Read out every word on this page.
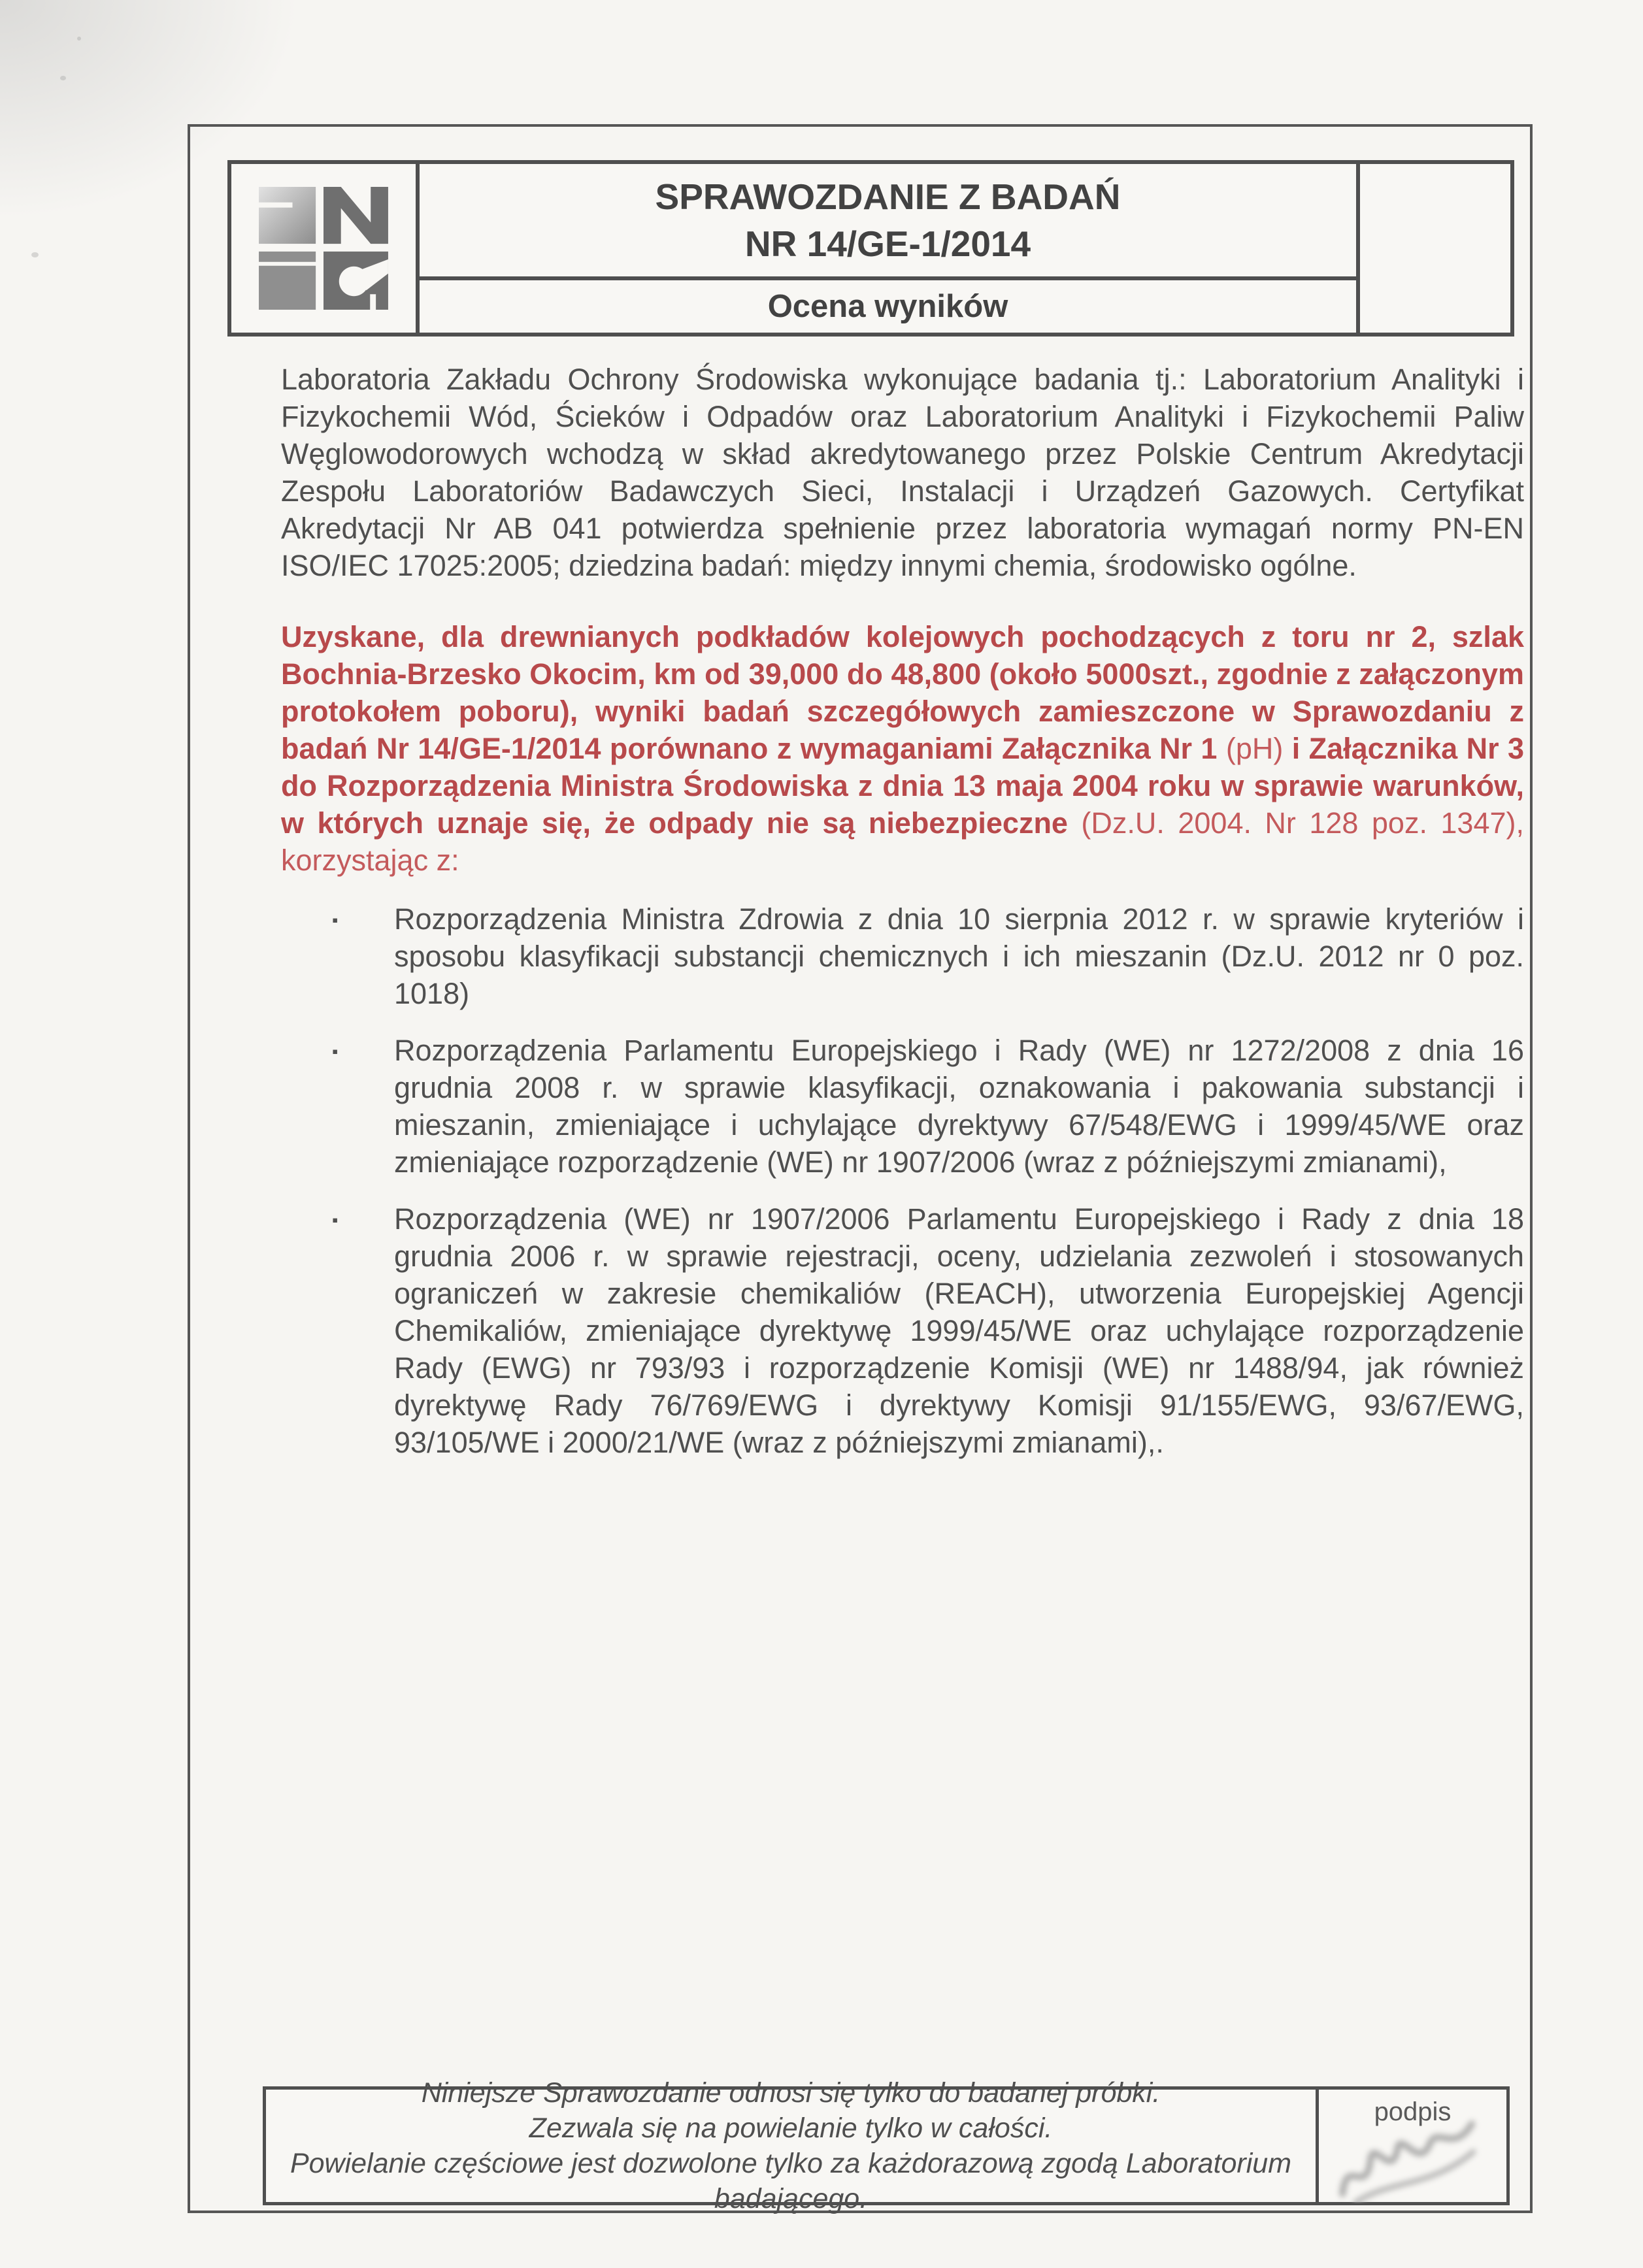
SPRAWOZDANIE Z BADAŃ
NR 14/GE-1/2014
Ocena wyników

Laboratoria Zakładu Ochrony Środowiska wykonujące badania tj.: Laboratorium Analityki i Fizykochemii Wód, Ścieków i Odpadów oraz Laboratorium Analityki i Fizykochemii Paliw Węglowodorowych wchodzą w skład akredytowanego przez Polskie Centrum Akredytacji Zespołu Laboratoriów Badawczych Sieci, Instalacji i Urządzeń Gazowych. Certyfikat Akredytacji Nr AB 041 potwierdza spełnienie przez laboratoria wymagań normy PN-EN ISO/IEC 17025:2005; dziedzina badań: między innymi chemia, środowisko ogólne.

Uzyskane, dla drewnianych podkładów kolejowych pochodzących z toru nr 2, szlak Bochnia-Brzesko Okocim, km od 39,000 do 48,800 (około 5000szt., zgodnie z załączonym protokołem poboru), wyniki badań szczegółowych zamieszczone w Sprawozdaniu z badań Nr 14/GE-1/2014 porównano z wymaganiami Załącznika Nr 1 (pH) i Załącznika Nr 3 do Rozporządzenia Ministra Środowiska z dnia 13 maja 2004 roku w sprawie warunków, w których uznaje się, że odpady nie są niebezpieczne (Dz.U. 2004. Nr 128 poz. 1347), korzystając z:

▪	Rozporządzenia Ministra Zdrowia z dnia 10 sierpnia 2012 r. w sprawie kryteriów i sposobu klasyfikacji substancji chemicznych i ich mieszanin (Dz.U. 2012 nr 0 poz. 1018)
▪	Rozporządzenia Parlamentu Europejskiego i Rady (WE) nr 1272/2008 z dnia 16 grudnia 2008 r. w sprawie klasyfikacji, oznakowania i pakowania substancji i mieszanin, zmieniające i uchylające dyrektywy 67/548/EWG i 1999/45/WE oraz zmieniające rozporządzenie (WE) nr 1907/2006 (wraz z późniejszymi zmianami),
▪	Rozporządzenia (WE) nr 1907/2006 Parlamentu Europejskiego i Rady z dnia 18 grudnia 2006 r. w sprawie rejestracji, oceny, udzielania zezwoleń i stosowanych ograniczeń w zakresie chemikaliów (REACH), utworzenia Europejskiej Agencji Chemikaliów, zmieniające dyrektywę 1999/45/WE oraz uchylające rozporządzenie Rady (EWG) nr 793/93 i rozporządzenie Komisji (WE) nr 1488/94, jak również dyrektywę Rady 76/769/EWG i dyrektywy Komisji 91/155/EWG, 93/67/EWG, 93/105/WE i 2000/21/WE (wraz z późniejszymi zmianami),.
Niniejsze Sprawozdanie odnosi się tylko do badanej próbki.
Zezwala się na powielanie tylko w całości.
Powielanie częściowe jest dozwolone tylko za każdorazową zgodą Laboratorium badającego.
podpis
